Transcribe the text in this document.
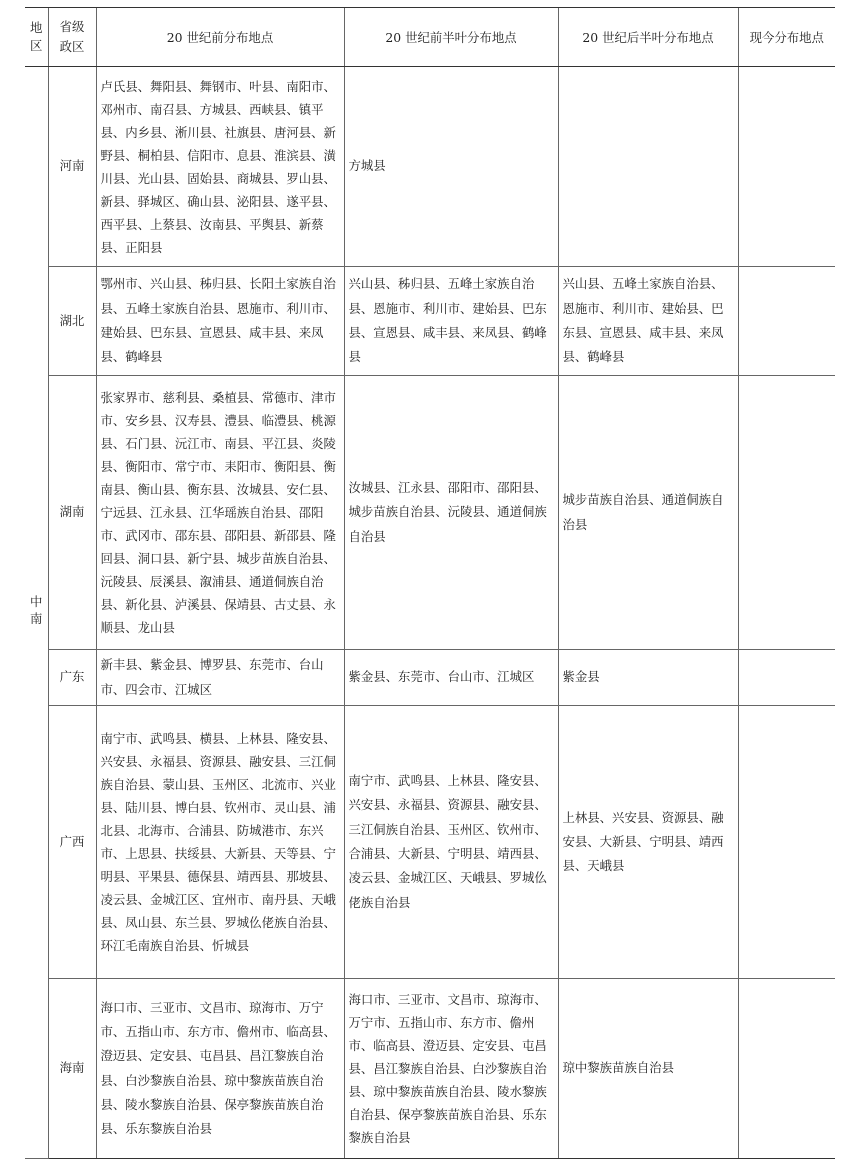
地区	省级政区	20 世纪前分布地点	20 世纪前半叶分布地点	20 世纪后半叶分布地点	现今分布地点
中南	河南	卢氏县、舞阳县、舞钢市、叶县、南阳市、邓州市、南召县、方城县、西峡县、镇平县、内乡县、淅川县、社旗县、唐河县、新野县、桐柏县、信阳市、息县、淮滨县、潢川县、光山县、固始县、商城县、罗山县、新县、驿城区、确山县、泌阳县、遂平县、西平县、上蔡县、汝南县、平舆县、新蔡县、正阳县	方城县		
	湖北	鄂州市、兴山县、秭归县、长阳土家族自治县、五峰土家族自治县、恩施市、利川市、建始县、巴东县、宣恩县、咸丰县、来凤县、鹤峰县	兴山县、秭归县、五峰土家族自治县、恩施市、利川市、建始县、巴东县、宣恩县、咸丰县、来凤县、鹤峰县	兴山县、五峰土家族自治县、恩施市、利川市、建始县、巴东县、宣恩县、咸丰县、来凤县、鹤峰县	
	湖南	张家界市、慈利县、桑植县、常德市、津市市、安乡县、汉寿县、澧县、临澧县、桃源县、石门县、沅江市、南县、平江县、炎陵县、衡阳市、常宁市、耒阳市、衡阳县、衡南县、衡山县、衡东县、汝城县、安仁县、宁远县、江永县、江华瑶族自治县、邵阳市、武冈市、邵东县、邵阳县、新邵县、隆回县、洞口县、新宁县、城步苗族自治县、沅陵县、辰溪县、溆浦县、通道侗族自治县、新化县、泸溪县、保靖县、古丈县、永顺县、龙山县	汝城县、江永县、邵阳市、邵阳县、城步苗族自治县、沅陵县、通道侗族自治县	城步苗族自治县、通道侗族自治县	
	广东	新丰县、紫金县、博罗县、东莞市、台山市、四会市、江城区	紫金县、东莞市、台山市、江城区	紫金县	
	广西	南宁市、武鸣县、横县、上林县、隆安县、兴安县、永福县、资源县、融安县、三江侗族自治县、蒙山县、玉州区、北流市、兴业县、陆川县、博白县、钦州市、灵山县、浦北县、北海市、合浦县、防城港市、东兴市、上思县、扶绥县、大新县、天等县、宁明县、平果县、德保县、靖西县、那坡县、凌云县、金城江区、宜州市、南丹县、天峨县、凤山县、东兰县、罗城仫佬族自治县、环江毛南族自治县、忻城县	南宁市、武鸣县、上林县、隆安县、兴安县、永福县、资源县、融安县、三江侗族自治县、玉州区、钦州市、合浦县、大新县、宁明县、靖西县、凌云县、金城江区、天峨县、罗城仫佬族自治县	上林县、兴安县、资源县、融安县、大新县、宁明县、靖西县、天峨县	
	海南	海口市、三亚市、文昌市、琼海市、万宁市、五指山市、东方市、儋州市、临高县、澄迈县、定安县、屯昌县、昌江黎族自治县、白沙黎族自治县、琼中黎族苗族自治县、陵水黎族自治县、保亭黎族苗族自治县、乐东黎族自治县	海口市、三亚市、文昌市、琼海市、万宁市、五指山市、东方市、儋州市、临高县、澄迈县、定安县、屯昌县、昌江黎族自治县、白沙黎族自治县、琼中黎族苗族自治县、陵水黎族自治县、保亭黎族苗族自治县、乐东黎族自治县	琼中黎族苗族自治县	
